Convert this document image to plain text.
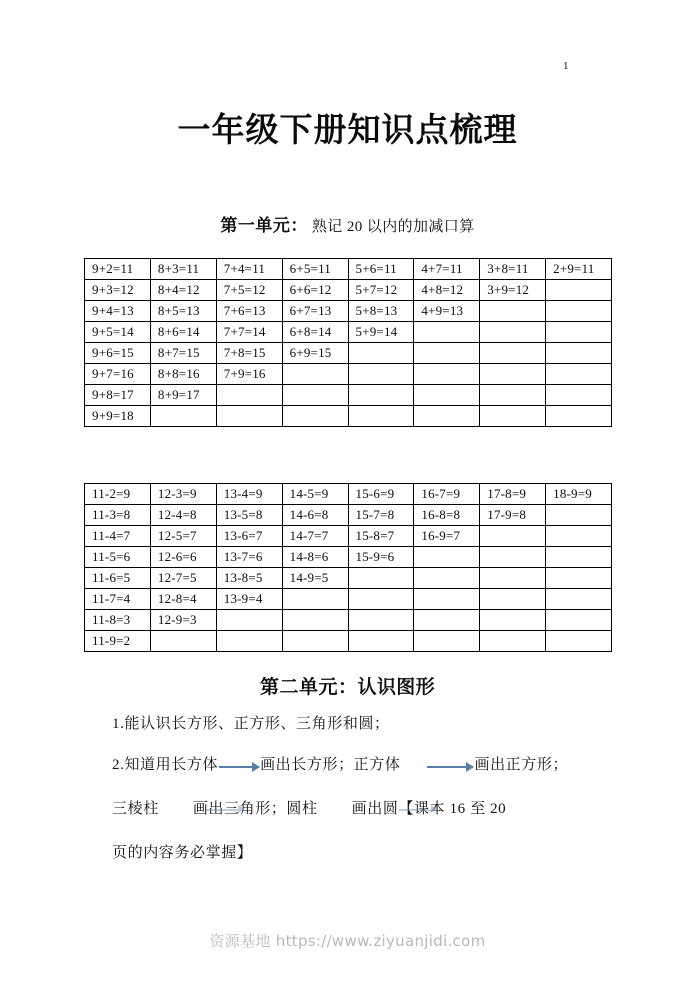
1
一年级下册知识点梳理
第一单元： 熟记 20 以内的加减口算
9+2=11	8+3=11	7+4=11	6+5=11	5+6=11	4+7=11	3+8=11	2+9=11
9+3=12	8+4=12	7+5=12	6+6=12	5+7=12	4+8=12	3+9=12	
9+4=13	8+5=13	7+6=13	6+7=13	5+8=13	4+9=13		
9+5=14	8+6=14	7+7=14	6+8=14	5+9=14			
9+6=15	8+7=15	7+8=15	6+9=15				
9+7=16	8+8=16	7+9=16					
9+8=17	8+9=17						
9+9=18							
11-2=9	12-3=9	13-4=9	14-5=9	15-6=9	16-7=9	17-8=9	18-9=9
11-3=8	12-4=8	13-5=8	14-6=8	15-7=8	16-8=8	17-9=8	
11-4=7	12-5=7	13-6=7	14-7=7	15-8=7	16-9=7		
11-5=6	12-6=6	13-7=6	14-8=6	15-9=6			
11-6=5	12-7=5	13-8=5	14-9=5				
11-7=4	12-8=4	13-9=4					
11-8=3	12-9=3						
11-9=2							
第二单元：认识图形
1.能认识长方形、正方形、三角形和圆；
2.知道用长方体	画出长方形；正方体	画出正方形；
三棱柱 画出三角形；圆柱 画出圆【课本 16 至 20
页的内容务必掌握】
资源基地 https://www.ziyuanjidi.com
